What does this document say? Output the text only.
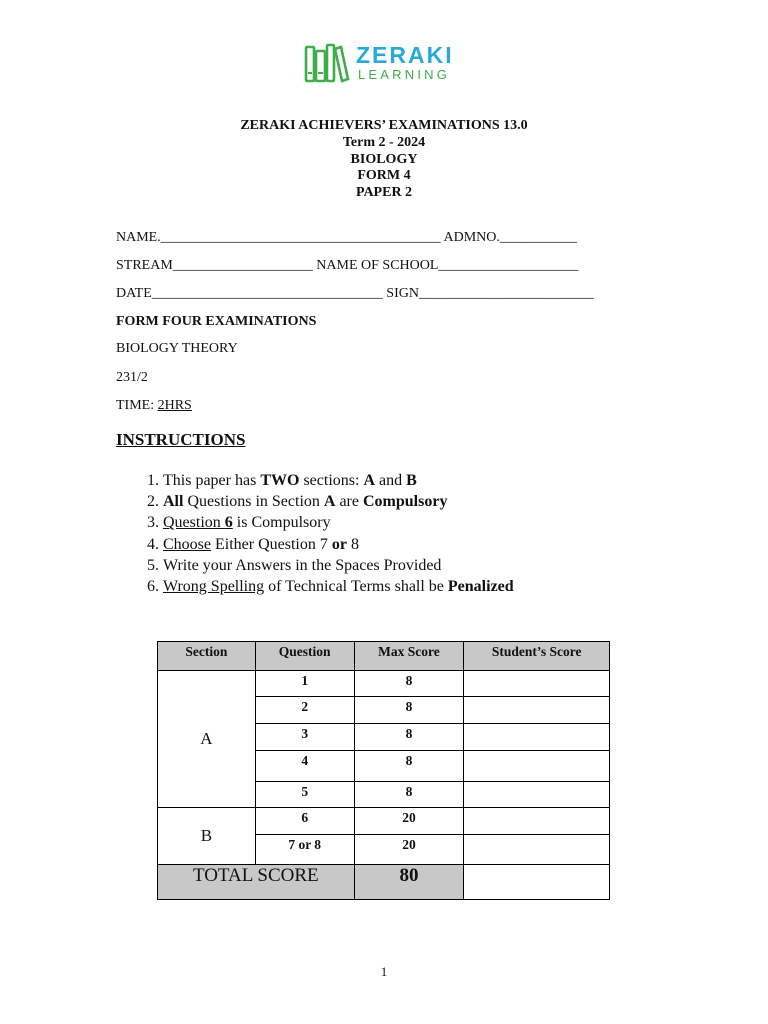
ZERAKI
LEARNING
ZERAKI ACHIEVERS’ EXAMINATIONS 13.0
Term 2 - 2024
BIOLOGY
FORM 4
PAPER 2
NAME.________________________________________ ADMNO.___________
STREAM____________________ NAME OF SCHOOL____________________
DATE_________________________________ SIGN_________________________
FORM FOUR EXAMINATIONS
BIOLOGY THEORY
231/2
TIME: 2HRS
INSTRUCTIONS
1. This paper has TWO sections: A and B
2. All Questions in Section A are Compulsory
3. Question 6 is Compulsory
4. Choose Either Question 7 or 8
5. Write your Answers in the Spaces Provided
6. Wrong Spelling of Technical Terms shall be Penalized
Section	Question	Max Score	Student’s Score
A	1	8	
	2	8	
	3	8	
	4	8	
	5	8	
B	6	20	
	7 or 8	20	
TOTAL SCORE		80	
1
